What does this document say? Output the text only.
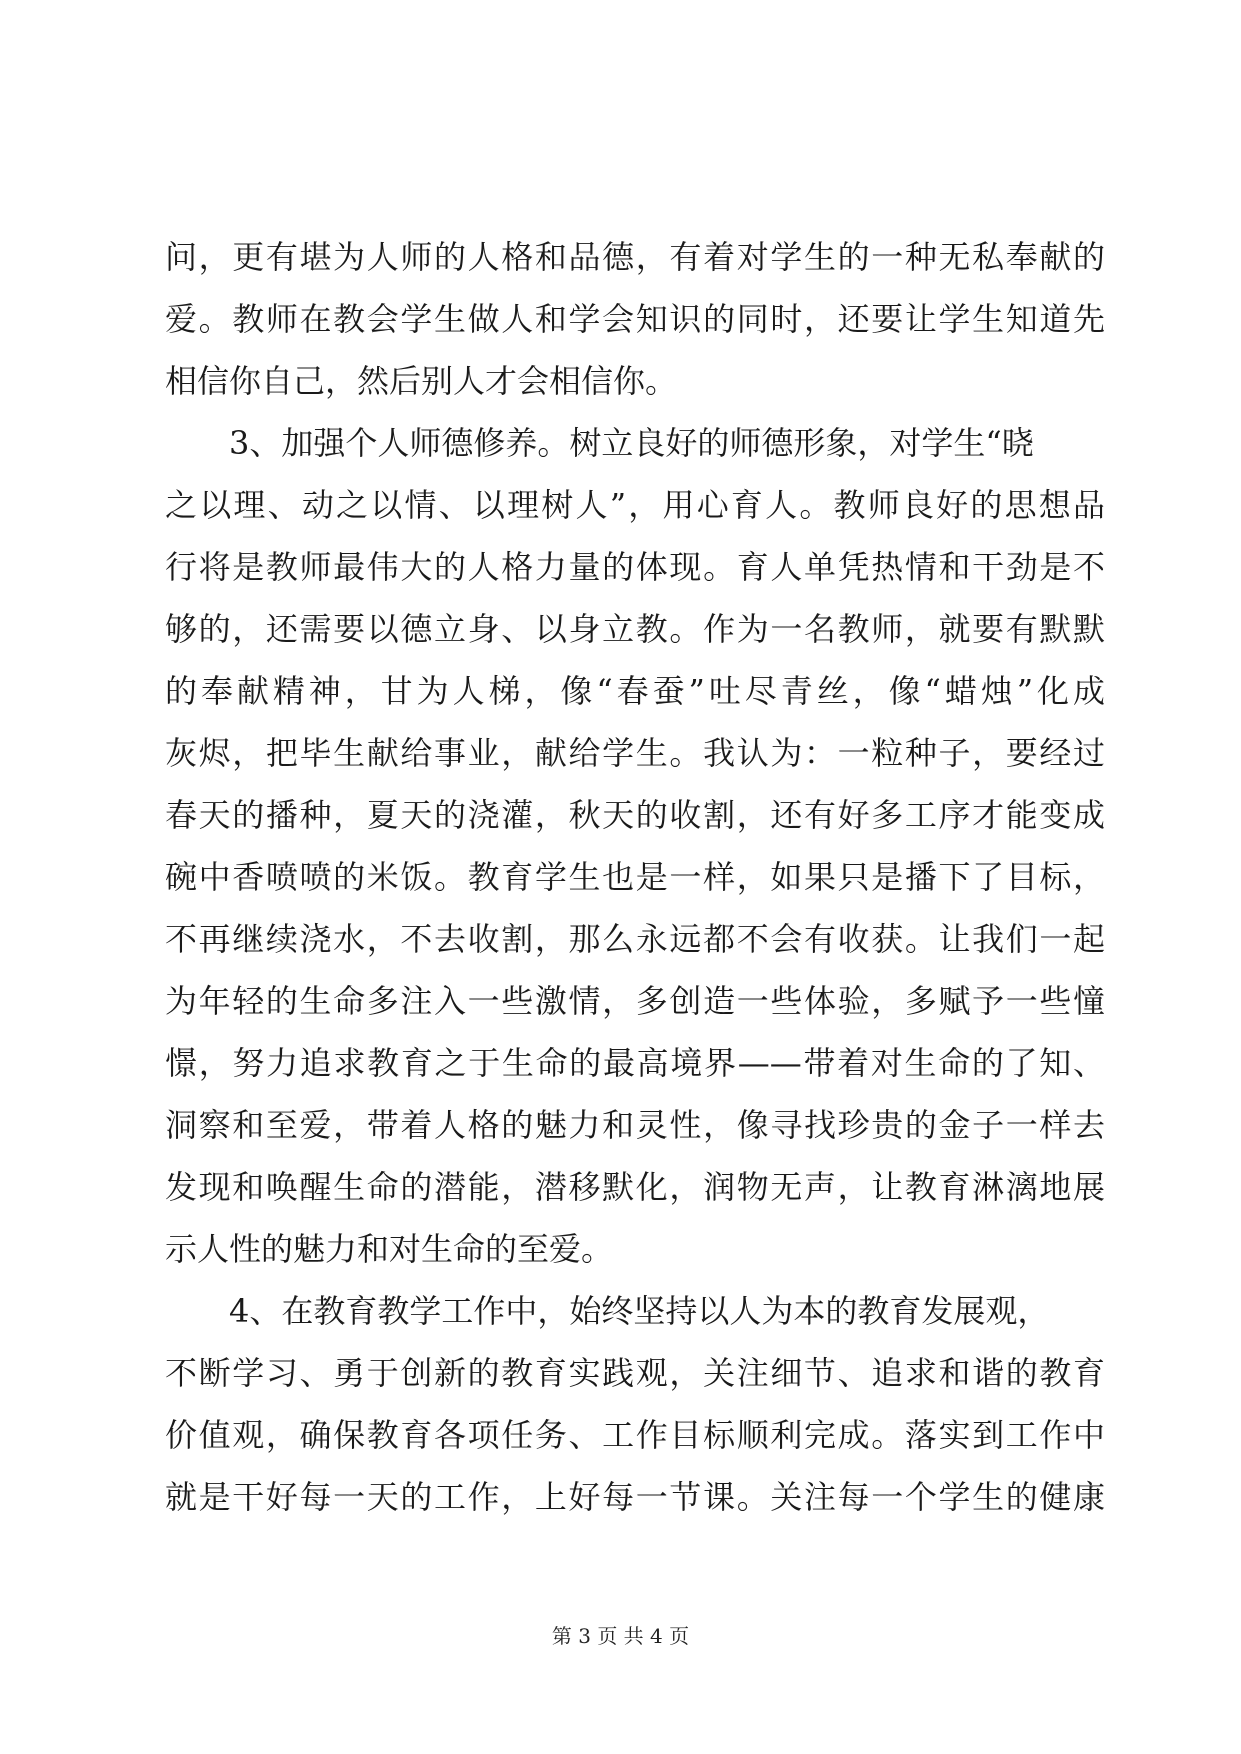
问，更有堪为人师的人格和品德，有着对学生的一种无私奉献的
爱。教师在教会学生做人和学会知识的同时，还要让学生知道先
相信你自己，然后别人才会相信你。
3、加强个人师德修养。树立良好的师德形象，对学生“晓
之以理、动之以情、以理树人”，用心育人。教师良好的思想品
行将是教师最伟大的人格力量的体现。育人单凭热情和干劲是不
够的，还需要以德立身、以身立教。作为一名教师，就要有默默
的奉献精神，甘为人梯，像“春蚕”吐尽青丝，像“蜡烛”化成
灰烬，把毕生献给事业，献给学生。我认为：一粒种子，要经过
春天的播种，夏天的浇灌，秋天的收割，还有好多工序才能变成
碗中香喷喷的米饭。教育学生也是一样，如果只是播下了目标，
不再继续浇水，不去收割，那么永远都不会有收获。让我们一起
为年轻的生命多注入一些激情，多创造一些体验，多赋予一些憧
憬，努力追求教育之于生命的最高境界——带着对生命的了知、
洞察和至爱，带着人格的魅力和灵性，像寻找珍贵的金子一样去
发现和唤醒生命的潜能，潜移默化，润物无声，让教育淋漓地展
示人性的魅力和对生命的至爱。
4、在教育教学工作中，始终坚持以人为本的教育发展观，
不断学习、勇于创新的教育实践观，关注细节、追求和谐的教育
价值观，确保教育各项任务、工作目标顺利完成。落实到工作中
就是干好每一天的工作，上好每一节课。关注每一个学生的健康
第 3 页 共 4 页
